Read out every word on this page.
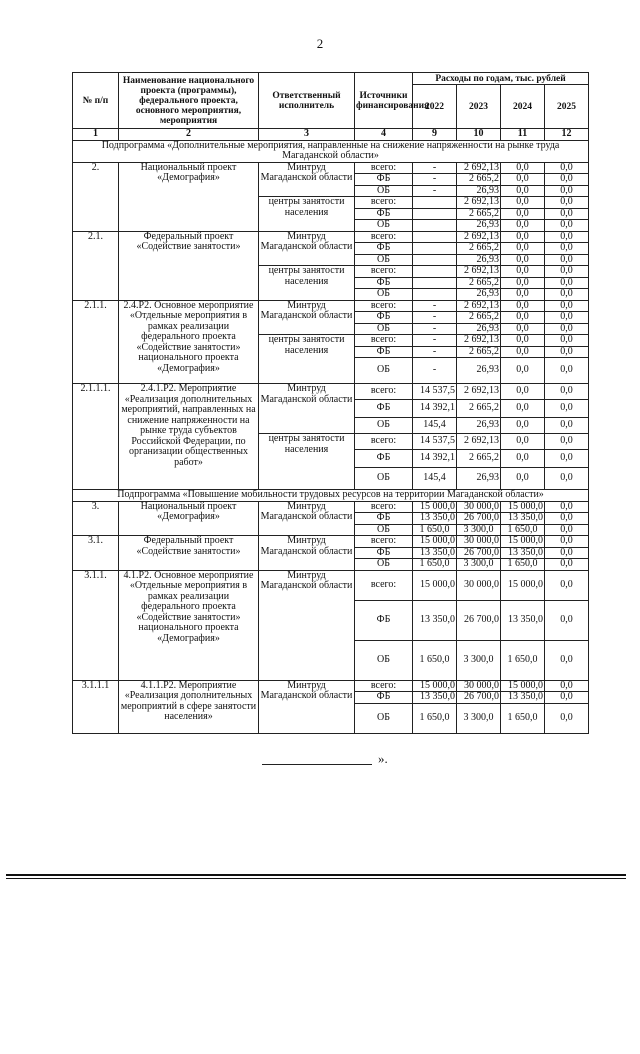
2
№ п/п	Наименование национального проекта (программы), федерального проекта, основного мероприятия, мероприятия	Ответственный исполнитель	Источники финансирования	Расходы по годам, тыс. рублей			
				2022	2023	2024	2025
1	2	3	4	9	10	11	12
Подпрограмма «Дополнительные мероприятия, направленные на снижение напряженности на рынке труда Магаданской области»							
2.	Национальный проект «Демография»	Минтруд Магаданской области	всего:	-	2 692,13	0,0	0,0
			ФБ	-	2 665,2	0,0	0,0
			ОБ	-	26,93	0,0	0,0
		центры занятости населения	всего:		2 692,13	0,0	0,0
			ФБ		2 665,2	0,0	0,0
			ОБ		26,93	0,0	0,0
2.1.	Федеральный проект «Содействие занятости»	Минтруд Магаданской области	всего:		2 692,13	0,0	0,0
			ФБ		2 665,2	0,0	0,0
			ОБ		26,93	0,0	0,0
		центры занятости населения	всего:		2 692,13	0,0	0,0
			ФБ		2 665,2	0,0	0,0
			ОБ		26,93	0,0	0,0
2.1.1.	2.4.Р2. Основное мероприятие «Отдельные мероприятия в рамках реализации федерального проекта «Содействие занятости» национального проекта «Демография»	Минтруд Магаданской области	всего:	-	2 692,13	0,0	0,0
			ФБ	-	2 665,2	0,0	0,0
			ОБ	-	26,93	0,0	0,0
		центры занятости населения	всего:	-	2 692,13	0,0	0,0
			ФБ	-	2 665,2	0,0	0,0
			ОБ	-	26,93	0,0	0,0
2.1.1.1.	2.4.1.Р2. Мероприятие «Реализация дополнительных мероприятий, направленных на снижение напряженности на рынке труда субъектов Российской Федерации, по организации общественных работ»	Минтруд Магаданской области	всего:	14 537,5	2 692,13	0,0	0,0
			ФБ	14 392,1	2 665,2	0,0	0,0
			ОБ	145,4	26,93	0,0	0,0
		центры занятости населения	всего:	14 537,5	2 692,13	0,0	0,0
			ФБ	14 392,1	2 665,2	0,0	0,0
			ОБ	145,4	26,93	0,0	0,0
Подпрограмма «Повышение мобильности трудовых ресурсов на территории Магаданской области»							
3.	Национальный проект «Демография»	Минтруд Магаданской области	всего:	15 000,0	30 000,0	15 000,0	0,0
			ФБ	13 350,0	26 700,0	13 350,0	0,0
			ОБ	1 650,0	3 300,0	1 650,0	0,0
3.1.	Федеральный проект «Содействие занятости»	Минтруд Магаданской области	всего:	15 000,0	30 000,0	15 000,0	0,0
			ФБ	13 350,0	26 700,0	13 350,0	0,0
			ОБ	1 650,0	3 300,0	1 650,0	0,0
3.1.1.	4.1.Р2. Основное мероприятие «Отдельные мероприятия в рамках реализации федерального проекта «Содействие занятости» национального проекта «Демография»	Минтруд Магаданской области	всего:	15 000,0	30 000,0	15 000,0	0,0
			ФБ	13 350,0	26 700,0	13 350,0	0,0
			ОБ	1 650,0	3 300,0	1 650,0	0,0
3.1.1.1	4.1.1.Р2. Мероприятие «Реализация дополнительных мероприятий в сфере занятости населения»	Минтруд Магаданской области	всего:	15 000,0	30 000,0	15 000,0	0,0
			ФБ	13 350,0	26 700,0	13 350,0	0,0
			ОБ	1 650,0	3 300,0	1 650,0	0,0
».
